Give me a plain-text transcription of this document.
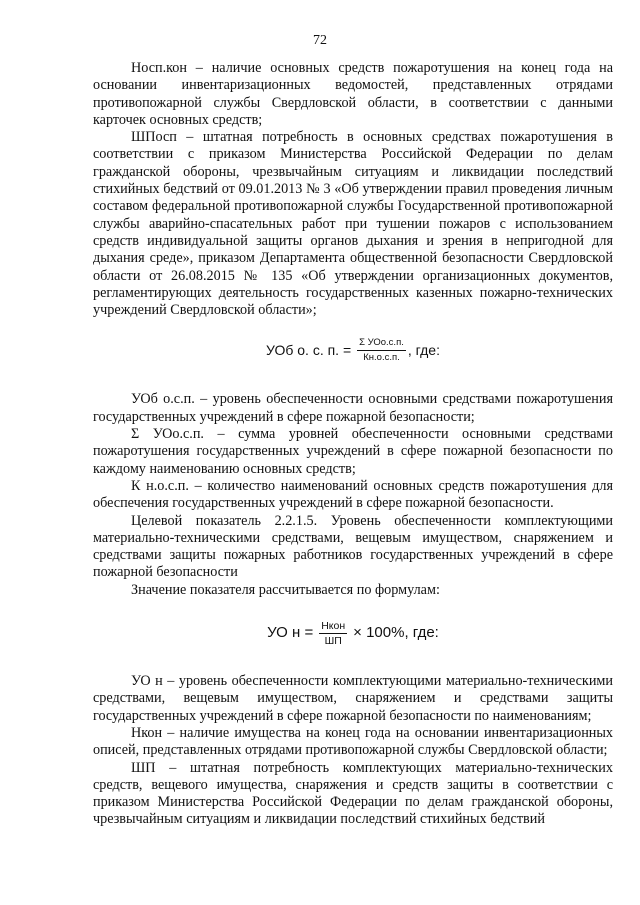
72

Носп.кон – наличие основных средств пожаротушения на конец года на основании инвентаризационных ведомостей, представленных отрядами противопожарной службы Свердловской области, в соответствии с данными карточек основных средств;

ШПосп – штатная потребность в основных средствах пожаротушения в соответствии с приказом Министерства Российской Федерации по делам гражданской обороны, чрезвычайным ситуациям и ликвидации последствий стихийных бедствий от 09.01.2013 № 3 «Об утверждении правил проведения личным составом федеральной противопожарной службы Государственной противопожарной службы аварийно-спасательных работ при тушении пожаров с использованием средств индивидуальной защиты органов дыхания и зрения в непригодной для дыхания среде», приказом Департамента общественной безопасности Свердловской области от 26.08.2015 № 135 «Об утверждении организационных документов, регламентирующих деятельность государственных казенных пожарно-технических учреждений Свердловской области»;

УОб о. с. п. = $\frac{\text{Σ УОо.с.п.}}{Кн.о.с.п.}$ , где:

УОб о.с.п. – уровень обеспеченности основными средствами пожаротушения государственных учреждений в сфере пожарной безопасности;

Σ УОо.с.п. – сумма уровней обеспеченности основными средствами пожаротушения государственных учреждений в сфере пожарной безопасности по каждому наименованию основных средств;

К н.о.с.п. – количество наименований основных средств пожаротушения для обеспечения государственных учреждений в сфере пожарной безопасности.

Целевой показатель 2.2.1.5. Уровень обеспеченности комплектующими материально-техническими средствами, вещевым имуществом, снаряжением и средствами защиты пожарных работников государственных учреждений в сфере пожарной безопасности

Значение показателя рассчитывается по формулам:

УО $н = \frac{\text{Нкон}}{ШП} \times 100\%$, где:

УО н – уровень обеспеченности комплектующими материально-техническими средствами, вещевым имуществом, снаряжением и средствами защиты государственных учреждений в сфере пожарной безопасности по наименованиям;

Нкон – наличие имущества на конец года на основании инвентаризационных описей, представленных отрядами противопожарной службы Свердловской области;

ШП – штатная потребность комплектующих материально-технических средств, вещевого имущества, снаряжения и средств защиты в соответствии с приказом Министерства Российской Федерации по делам гражданской обороны, чрезвычайным ситуациям и ликвидации последствий стихийных бедствий
